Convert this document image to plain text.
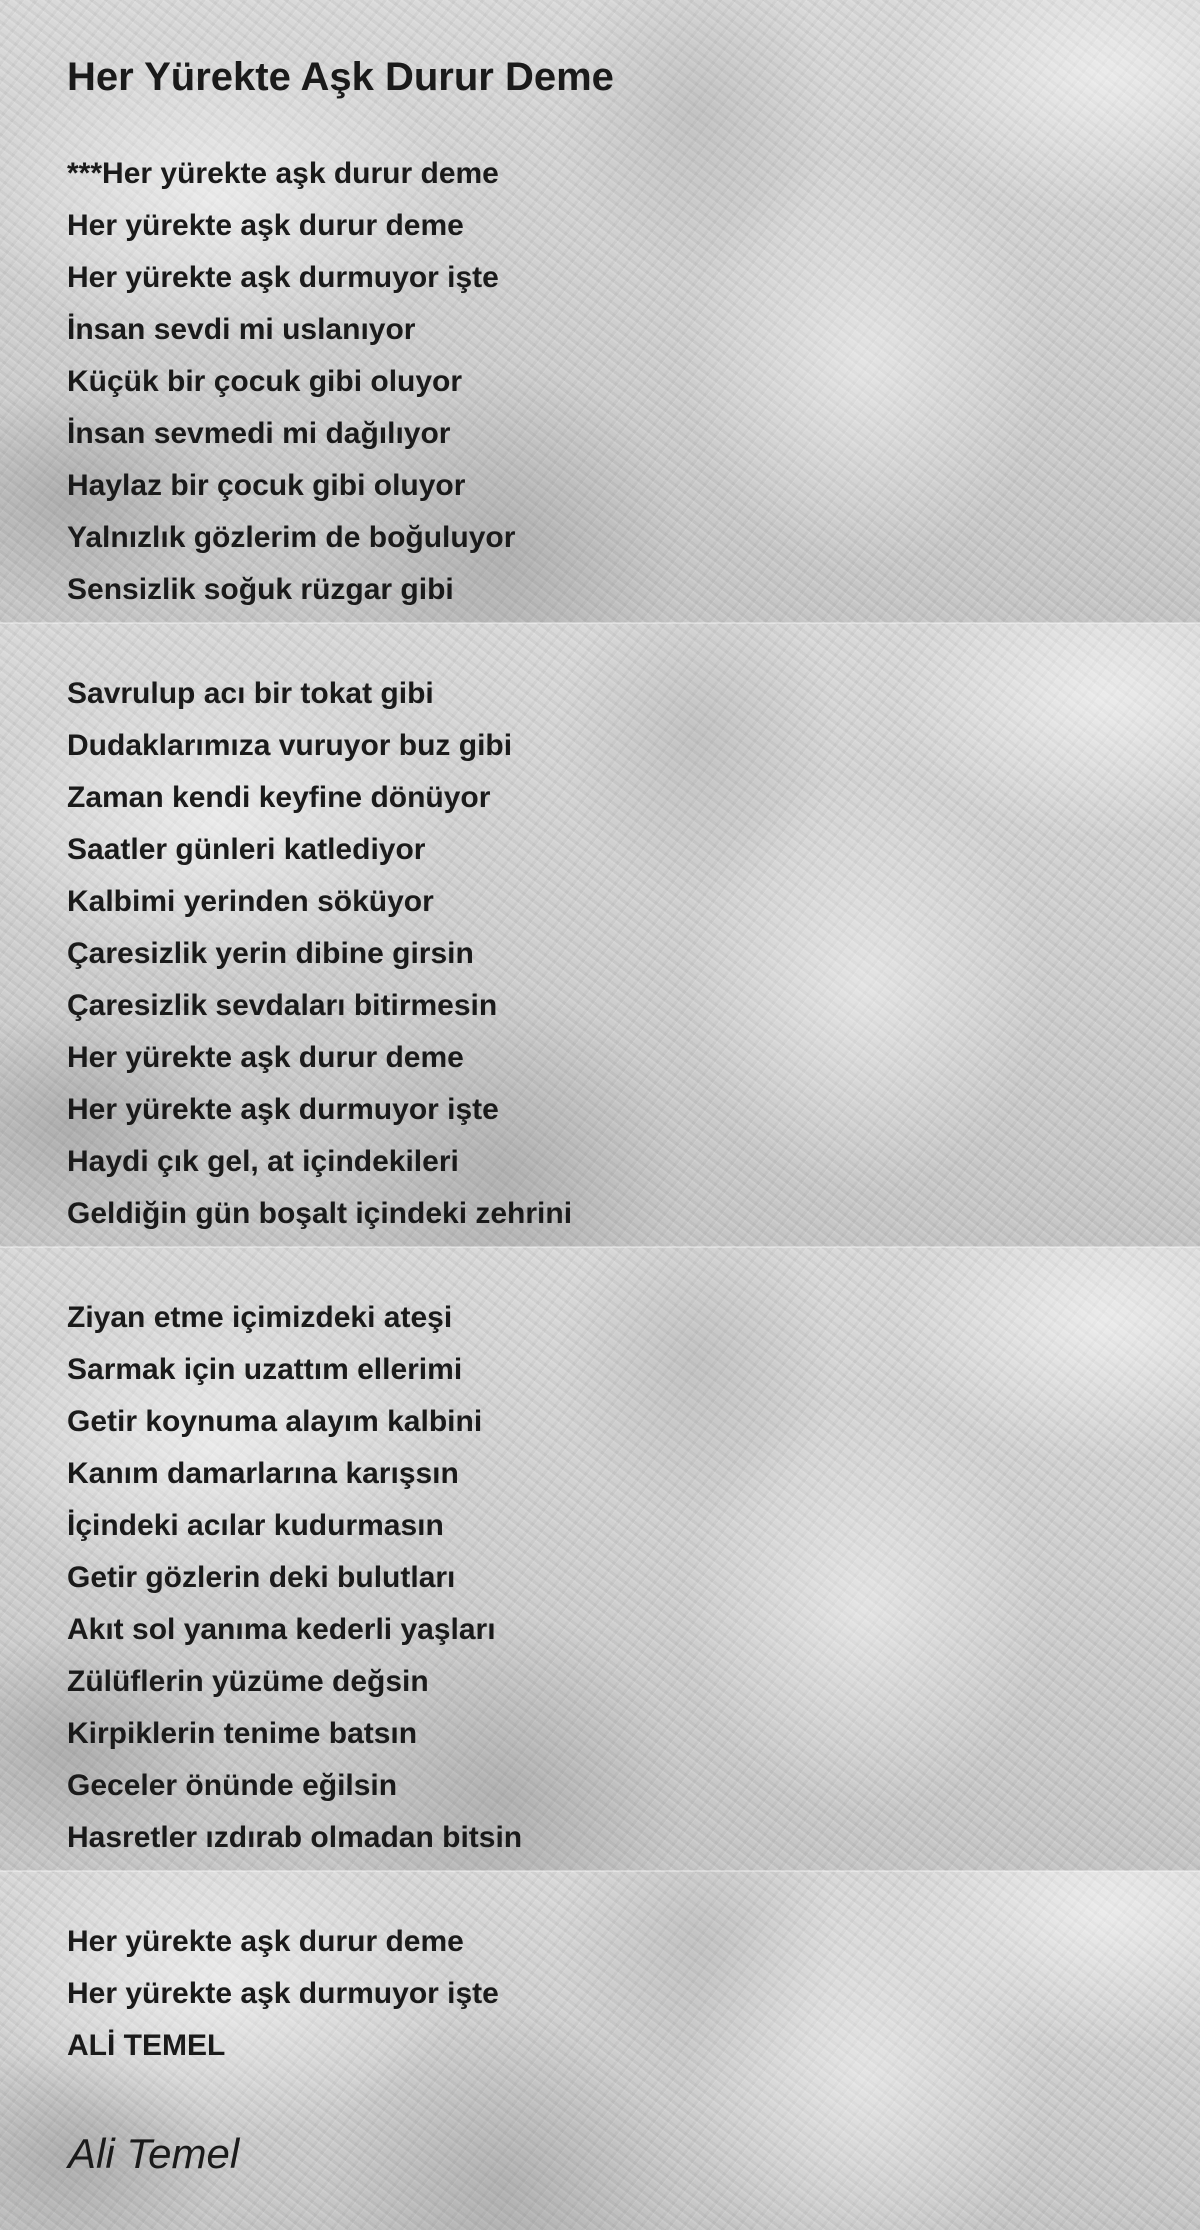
Her Yürekte Aşk Durur Deme
***Her yürekte aşk durur deme
Her yürekte aşk durur deme
Her yürekte aşk durmuyor işte
İnsan sevdi mi uslanıyor
Küçük bir çocuk gibi oluyor
İnsan sevmedi mi dağılıyor
Haylaz bir çocuk gibi oluyor
Yalnızlık gözlerim de boğuluyor
Sensizlik soğuk rüzgar gibi
Savrulup acı bir tokat gibi
Dudaklarımıza vuruyor buz gibi
Zaman kendi keyfine dönüyor
Saatler günleri katlediyor
Kalbimi yerinden söküyor
Çaresizlik yerin dibine girsin
Çaresizlik sevdaları bitirmesin
Her yürekte aşk durur deme
Her yürekte aşk durmuyor işte
Haydi çık gel, at içindekileri
Geldiğin gün boşalt içindeki zehrini
Ziyan etme içimizdeki ateşi
Sarmak için uzattım ellerimi
Getir koynuma alayım kalbini
Kanım damarlarına karışsın
İçindeki acılar kudurmasın
Getir gözlerin deki bulutları
Akıt sol yanıma kederli yaşları
Zülüflerin yüzüme değsin
Kirpiklerin tenime batsın
Geceler önünde eğilsin
Hasretler ızdırab olmadan bitsin
Her yürekte aşk durur deme
Her yürekte aşk durmuyor işte
ALİ TEMEL

Ali Temel
